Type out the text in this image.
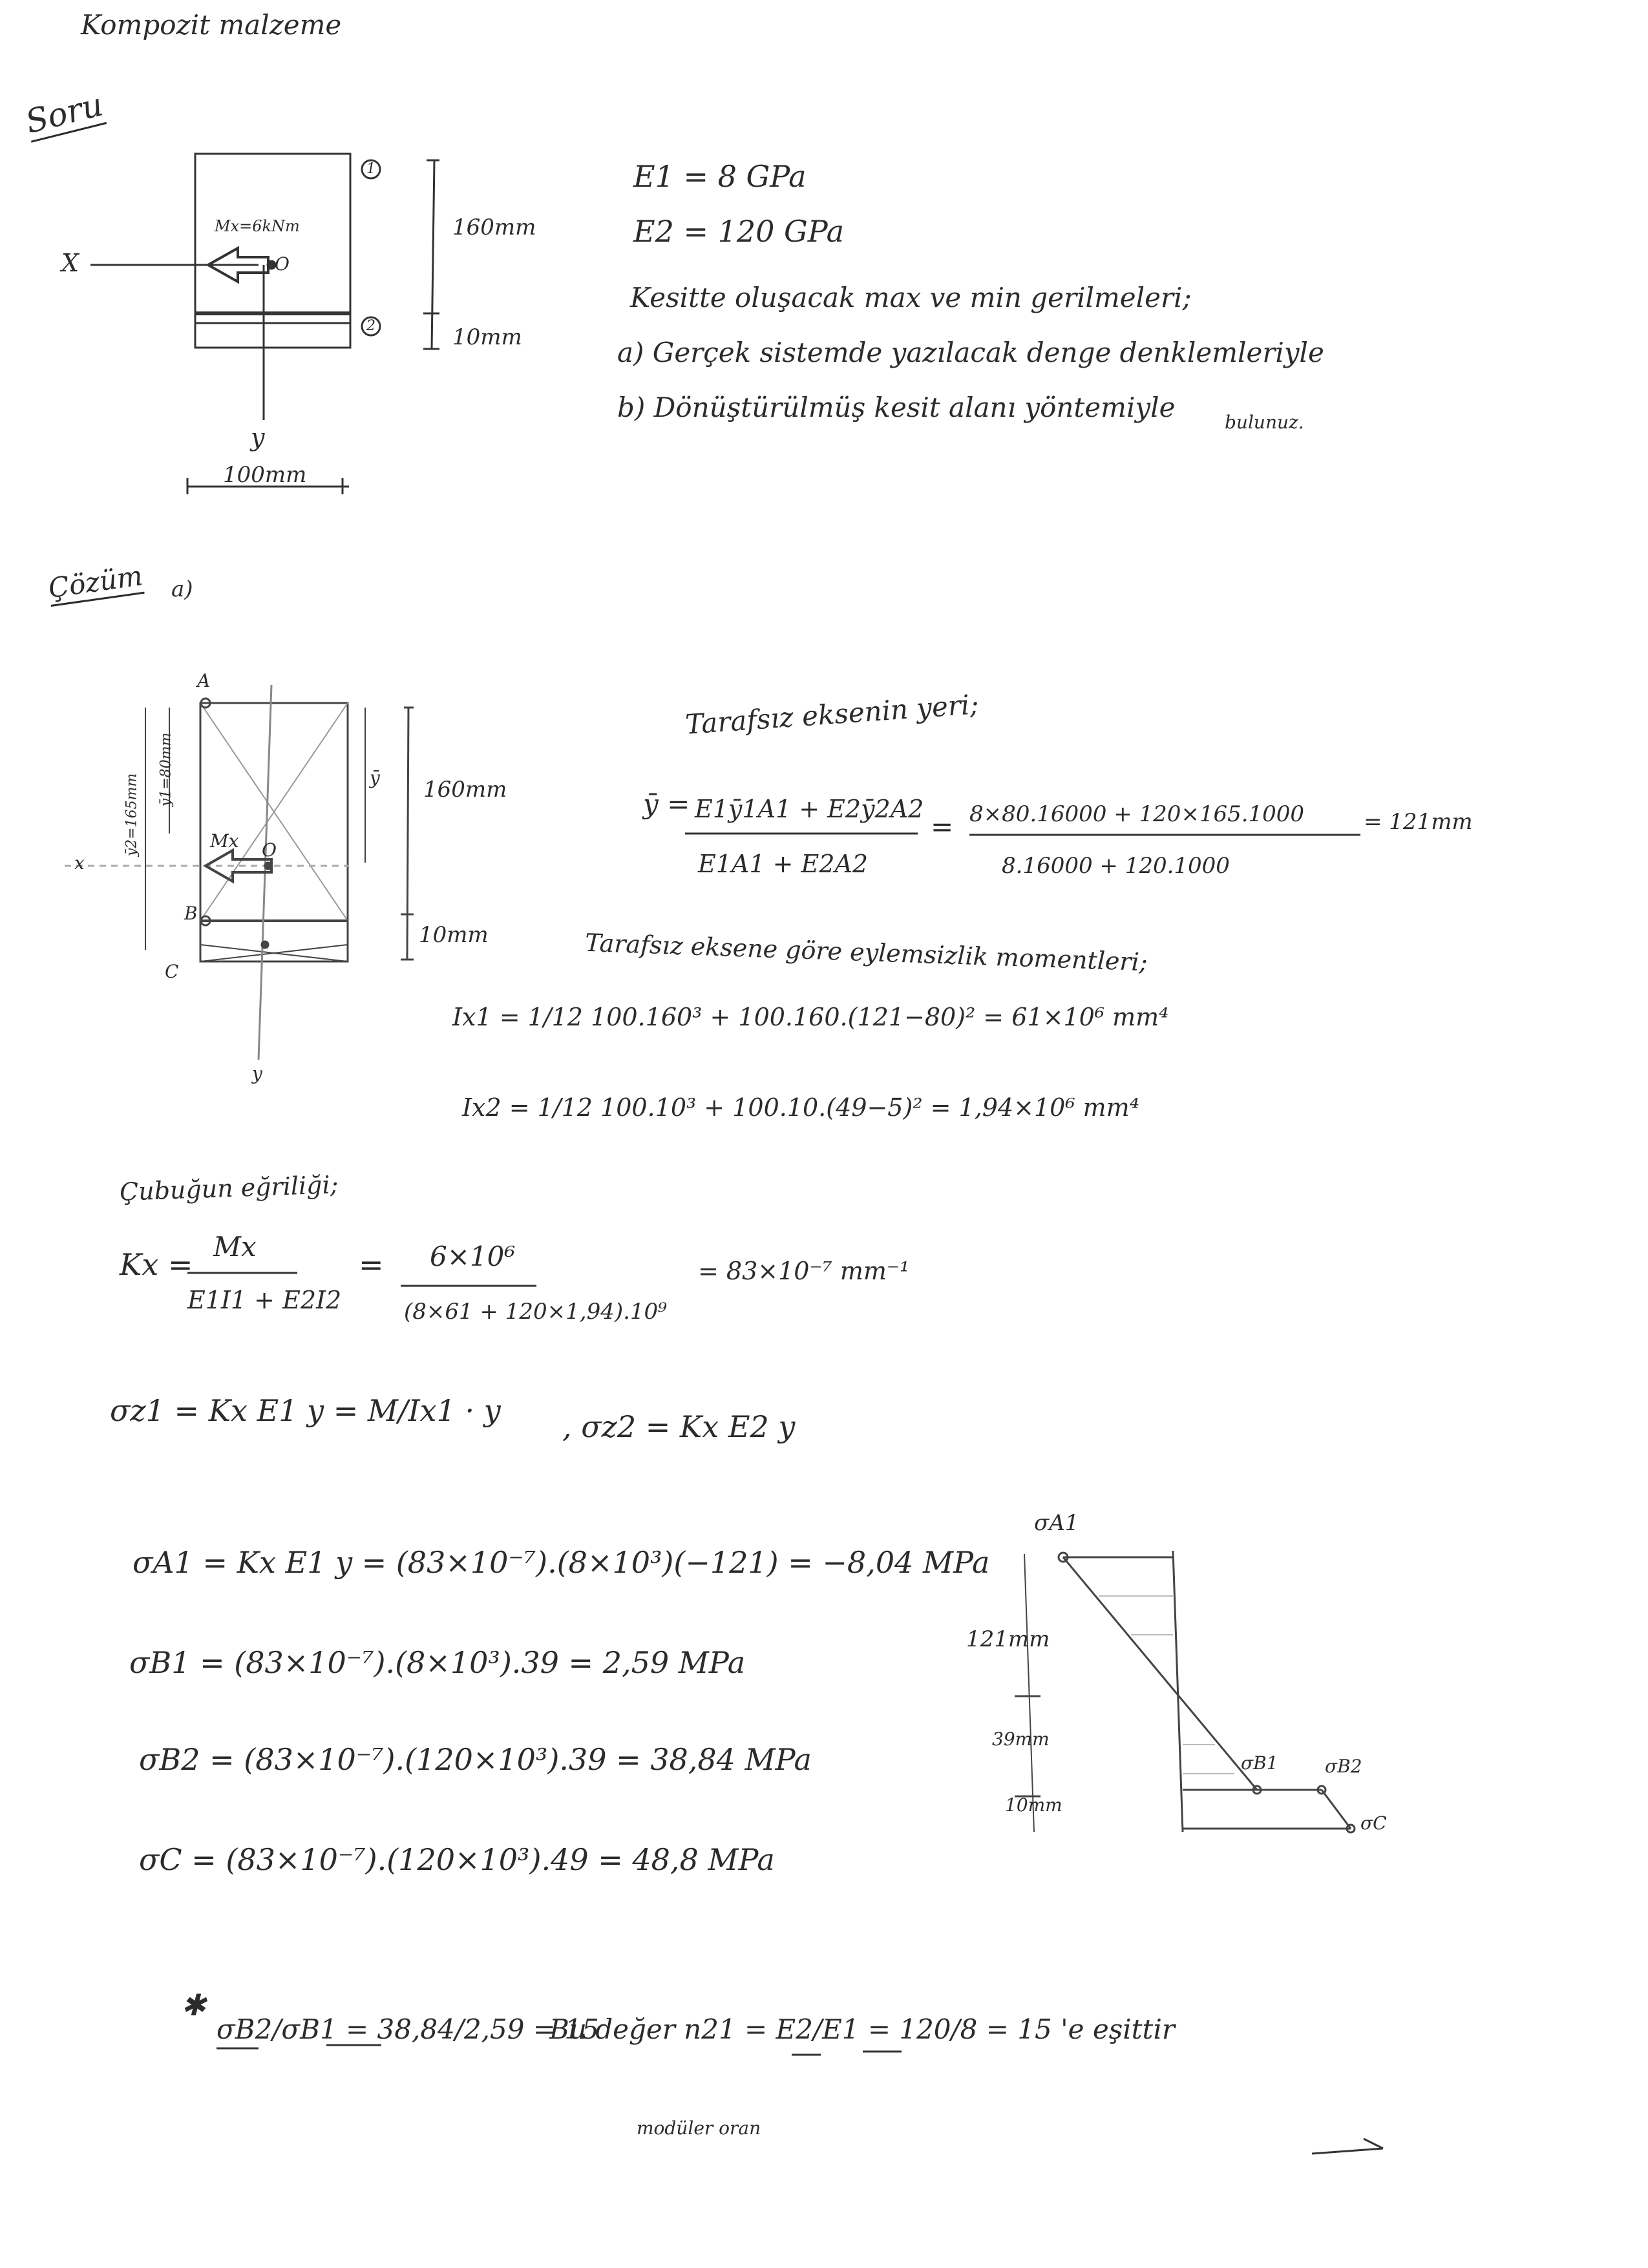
Kompozit malzeme
Soru
Mx=6kNm
O
X
y
1
2
160mm
10mm
100mm
E1 = 8 GPa
E2 = 120 GPa
Kesitte oluşacak max ve min gerilmeleri;
a) Gerçek sistemde yazılacak denge denklemleriyle
b) Dönüştürülmüş kesit alanı yöntemiyle	bulunuz.
Çözüm a)
A
B
C
O
Mx
x
y
ȳ
ȳ2=165mm
ȳ1=80mm	160mm
10mm
Tarafsız eksenin yeri;
ȳ = E1ȳ1A1 + E2ȳ2A2
E1A1 + E2A2
= 8×80.16000 + 120×165.1000
8.16000 + 120.1000
= 121mm
Tarafsız eksene göre eylemsizlik momentleri;
Ix1 = 1/12 100.160³ + 100.160.(121−80)² = 61×10⁶ mm⁴
Ix2 = 1/12 100.10³ + 100.10.(49−5)² = 1,94×10⁶ mm⁴
Çubuğun eğriliği;
Kx =
Mx
E1I1 + E2I2
= 6×10⁶
(8×61 + 120×1,94).10⁹
= 83×10⁻⁷ mm⁻¹
σz1 = Kx E1 y = M/Ix1 · y , σz2 = Kx E2 y
σA1 = Kx E1 y = (83×10⁻⁷).(8×10³)(−121) = −8,04 MPa
σB1 = (83×10⁻⁷).(8×10³).39 = 2,59 MPa
σB2 = (83×10⁻⁷).(120×10³).39 = 38,84 MPa
σC = (83×10⁻⁷).(120×10³).49 = 48,8 MPa
σA1
σB1	σB2
σC
121mm
39mm
10mm
✱
σB2/σB1 = 38,84/2,59 = 15
Bu değer n21 = E2/E1 = 120/8 = 15 'e eşittir
modüler oran
